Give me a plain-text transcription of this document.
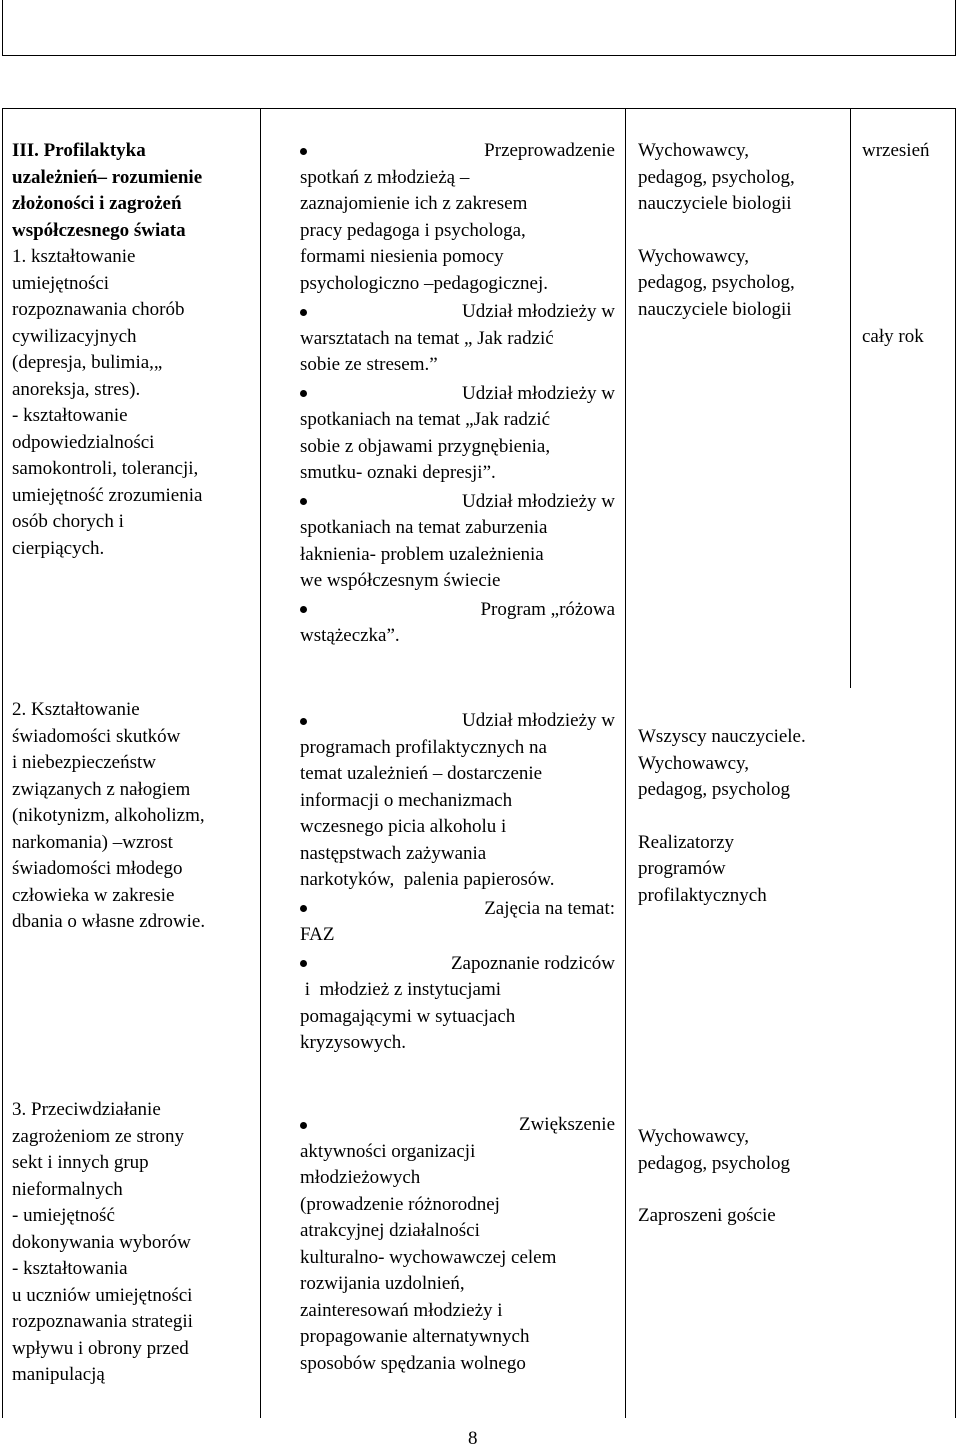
III. Profilaktyka
uzależnień– rozumienie
złożoności i zagrożeń
współczesnego świata
1. kształtowanie
umiejętności
rozpoznawania chorób
cywilizacyjnych
(depresja, bulimia,„
anoreksja, stres).
- kształtowanie
odpowiedzialności
samokontroli, tolerancji,
umiejętność zrozumienia
osób chorych i
cierpiących.
Przeprowadzenie
spotkań z młodzieżą –
zaznajomienie ich z zakresem
pracy pedagoga i psychologa,
formami niesienia pomocy
psychologiczno –pedagogicznej.
Udział młodzieży w
warsztatach na temat „ Jak radzić
sobie ze stresem.”
Udział młodzieży w
spotkaniach na temat „Jak radzić
sobie z objawami przygnębienia,
smutku- oznaki depresji”.
Udział młodzieży w
spotkaniach na temat zaburzenia
łaknienia- problem uzależnienia
we współczesnym świecie
Program „różowa
wstążeczka”.
Wychowawcy,
pedagog, psycholog,
nauczyciele biologii
Wychowawcy,
pedagog, psycholog,
nauczyciele biologii
wrzesień
cały rok
2. Kształtowanie
świadomości skutków
i niebezpieczeństw
związanych z nałogiem
(nikotynizm, alkoholizm,
narkomania) –wzrost
świadomości młodego
człowieka w zakresie
dbania o własne zdrowie.
Udział młodzieży w
programach profilaktycznych na
temat uzależnień – dostarczenie
informacji o mechanizmach
wczesnego picia alkoholu i
następstwach zażywania
narkotyków,  palenia papierosów.
Zajęcia na temat:
FAZ
Zapoznanie rodziców
i  młodzież z instytucjami
pomagającymi w sytuacjach
kryzysowych.
Wszyscy nauczyciele.
Wychowawcy,
pedagog, psycholog
Realizatorzy
programów
profilaktycznych
3. Przeciwdziałanie
zagrożeniom ze strony
sekt i innych grup
nieformalnych
- umiejętność
dokonywania wyborów
- kształtowania
u uczniów umiejętności
rozpoznawania strategii
wpływu i obrony przed
manipulacją
Zwiększenie
aktywności organizacji
młodzieżowych
(prowadzenie różnorodnej
atrakcyjnej działalności
kulturalno- wychowawczej celem
rozwijania uzdolnień,
zainteresowań młodzieży i
propagowanie alternatywnych
sposobów spędzania wolnego
Wychowawcy,
pedagog, psycholog
Zaproszeni goście
8
